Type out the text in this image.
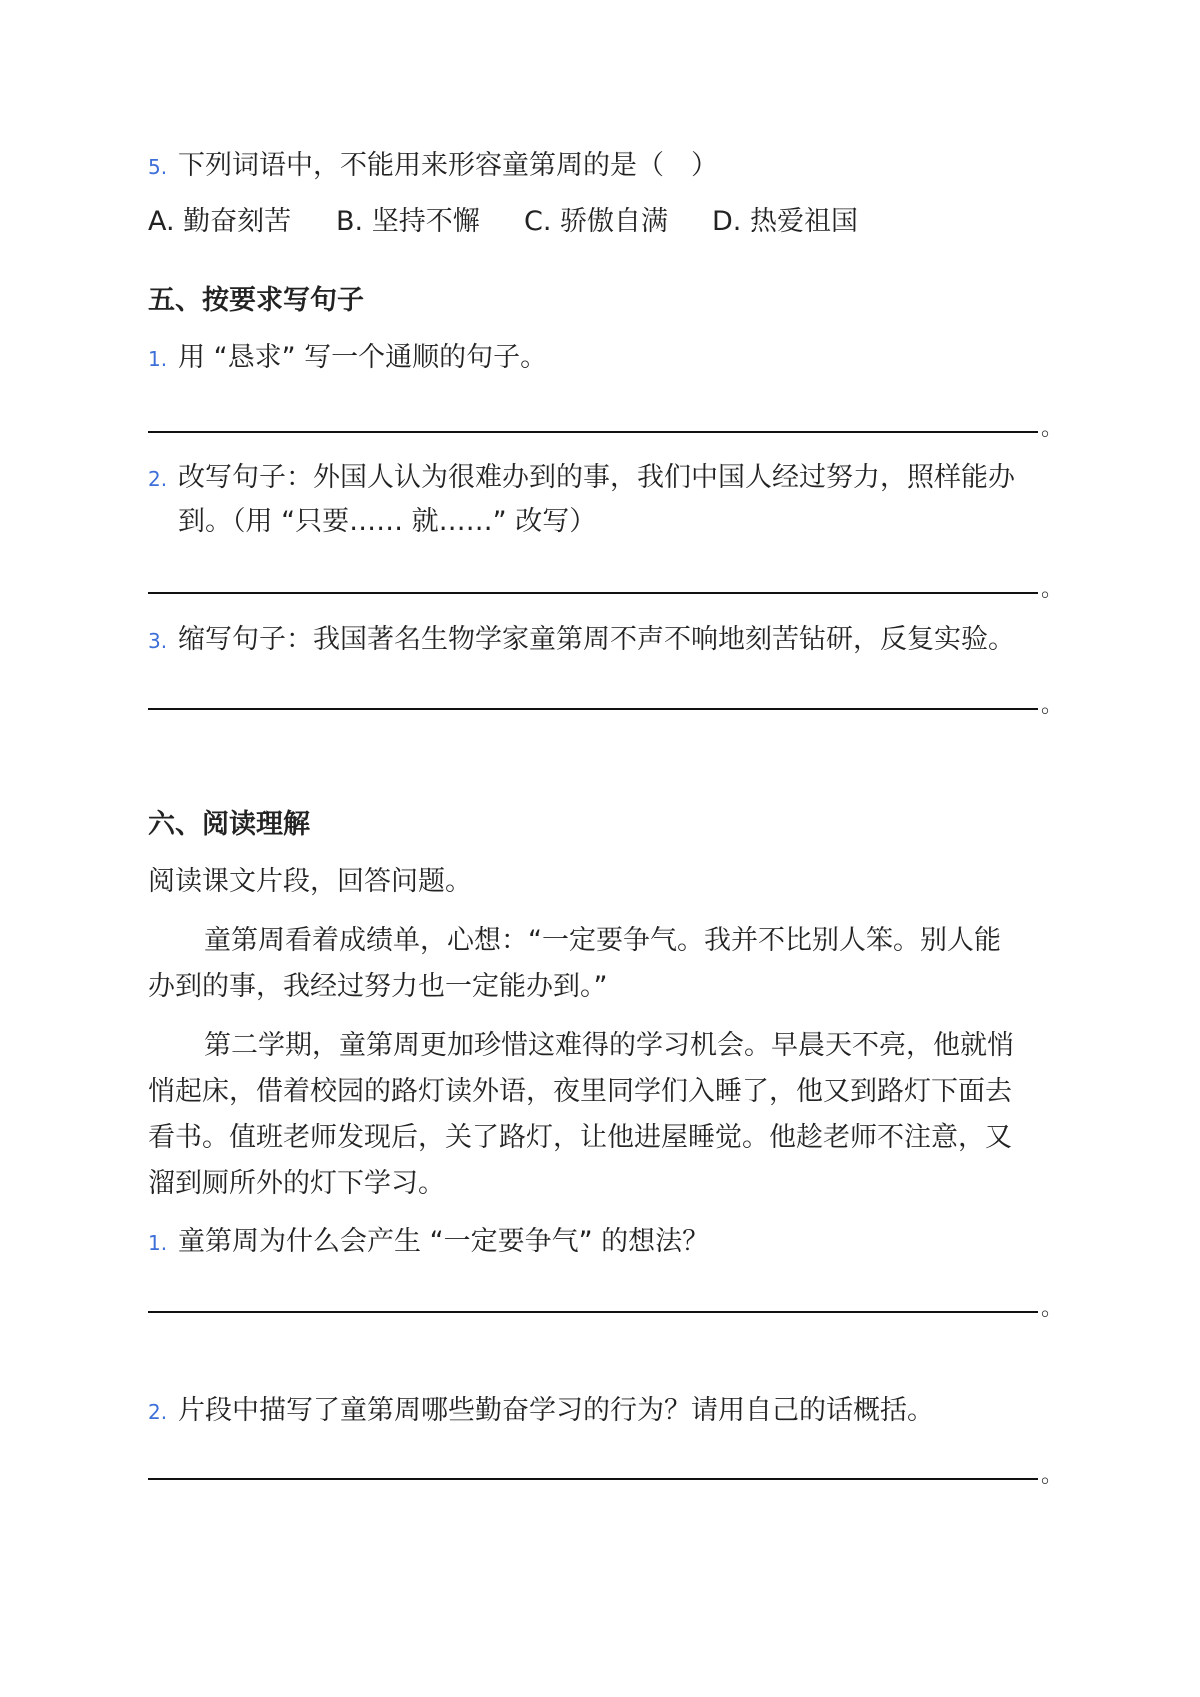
5. 下列词语中，不能用来形容童第周的是（　）
A. 勤奋刻苦 B. 坚持不懈 C. 骄傲自满 D. 热爱祖国
五、按要求写句子
1. 用 “恳求” 写一个通顺的句子。
。
2. 改写句子：外国人认为很难办到的事，我们中国人经过努力，照样能办
到。（用 “只要…… 就……” 改写）
。
3. 缩写句子：我国著名生物学家童第周不声不响地刻苦钻研，反复实验。
。
六、阅读理解
阅读课文片段，回答问题。
童第周看着成绩单，心想：“一定要争气。我并不比别人笨。别人能
办到的事，我经过努力也一定能办到。”
第二学期，童第周更加珍惜这难得的学习机会。早晨天不亮，他就悄
悄起床，借着校园的路灯读外语，夜里同学们入睡了，他又到路灯下面去
看书。值班老师发现后，关了路灯，让他进屋睡觉。他趁老师不注意，又
溜到厕所外的灯下学习。
1. 童第周为什么会产生 “一定要争气” 的想法？
。
2. 片段中描写了童第周哪些勤奋学习的行为？请用自己的话概括。
。
